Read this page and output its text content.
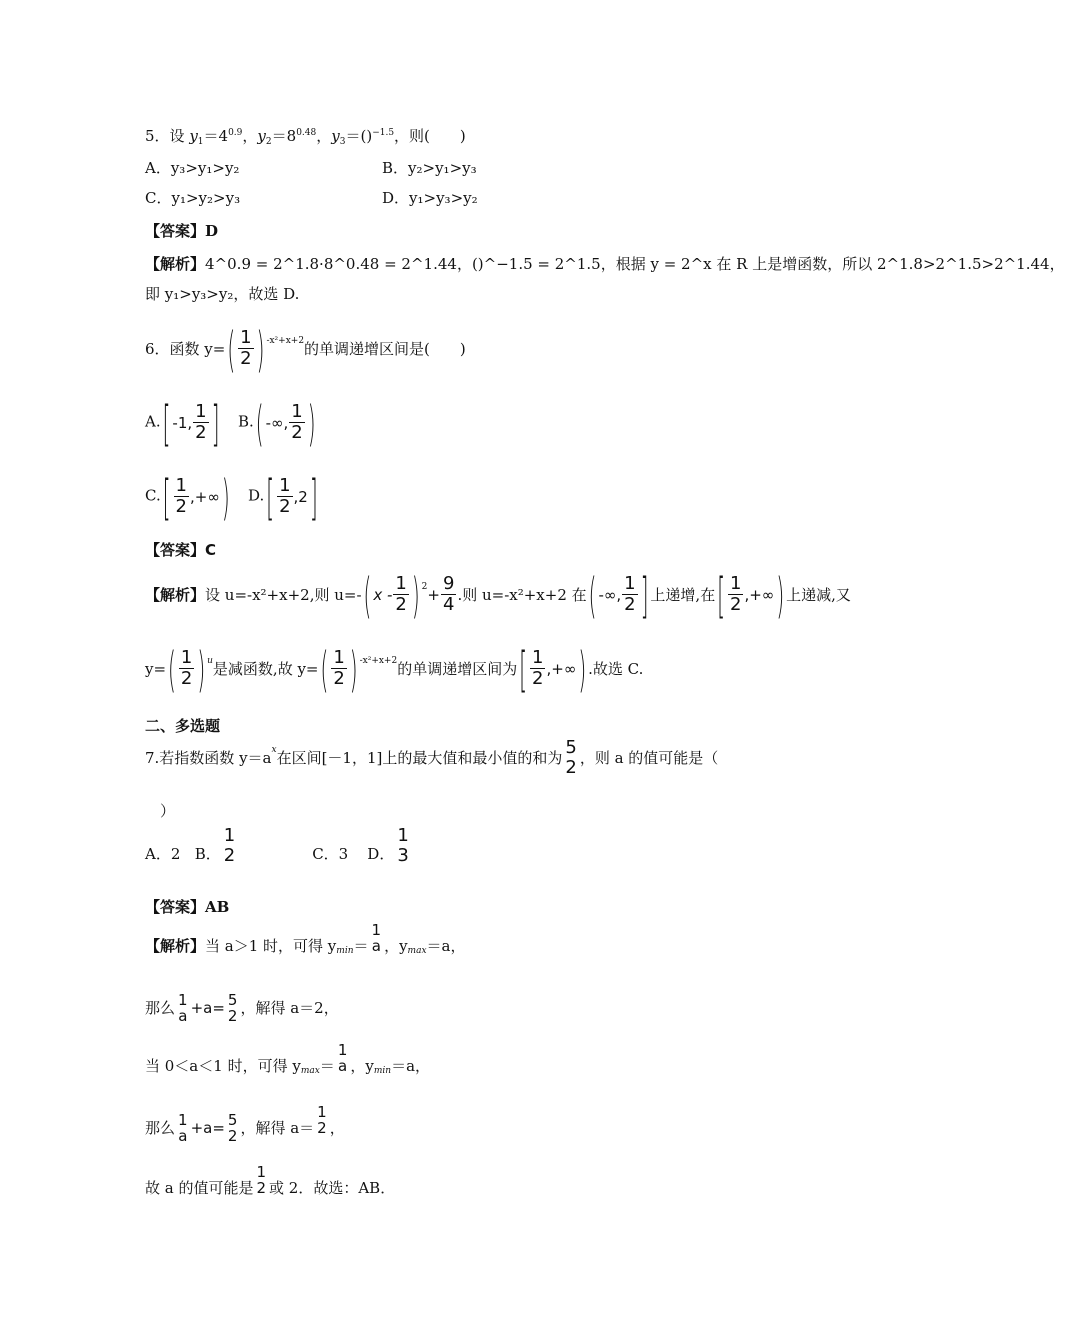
5．设 $y_1=4^{0.9}$，$y_2=8^{0.48}$，$y_3=()^{-1.5}$，则(　　)
A．y₃>y₁>y₂	B．y₂>y₁>y₃
C．y₁>y₂>y₃	D．y₁>y₃>y₂
【答案】D
【解析】4^0.9 = 2^1.8·8^0.48 = 2^1.44，()^−1.5 = 2^1.5，根据 y = 2^x 在 R 上是增函数，所以 2^1.8>2^1.5>2^1.44，
即 y₁>y₃>y₂，故选 D.
6．函数 y= ( $\frac{1}{2}$ ) $^{-x^2+x+2}$的单调递增区间是(　　)
A. [ -1, $\frac{1}{2}$ ] B. ( -∞, $\frac{1}{2}$ )
C. [ $\frac{1}{2}$ ,+∞ ) D. [ $\frac{1}{2} ,2$ ]
【答案】C
【解析】设 u=-x²+x+2,则 u=- ( x - $\frac{1}{2}$ ) $^2+ \frac{9}{4}$ .则 u=-x²+x+2 在 ( -∞, $\frac{1}{2}$ ] 上递增,在 [ $\frac{1}{2}$ ,+∞ ) 上递减,又
y= ( $\frac{1}{2}$ ) $^u$是减函数,故 y= ( $\frac{1}{2}$ ) $^{-x^2+x+2}$的单调递增区间为 [ $\frac{1}{2}$ ,+∞ ) .故选 C.
二、多选题
7.若指数函数 $y=a^x$在区间[－1，1]上的最大值和最小值的和为 5
2 ，则 a 的值可能是（
）
A．2 B．
1
2	C．3 D．
1
3
【答案】AB
【解析】当 a＞1 时，可得 $y_{min}=$
1
a ，$y_{max}=a$，
那么 1
a +a= 5
2 ，解得 a＝2，
当 0＜a＜1 时，可得 $y_{max}=$
1
a ，$y_{min}=a$，
那么 1
a +a= 5
2 ，解得 a＝
1
2 ，
故 a 的值可能是
1
2 或 2．故选：AB．
